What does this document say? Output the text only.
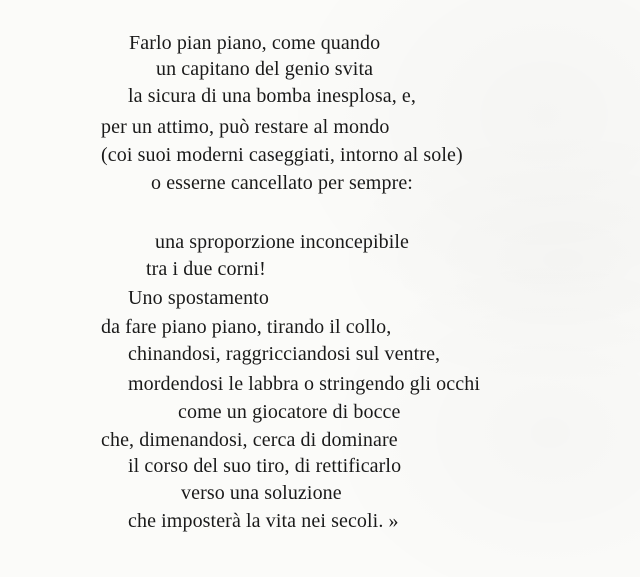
Farlo pian piano, come quando
un capitano del genio svita
la sicura di una bomba inesplosa, e,
per un attimo, può restare al mondo
(coi suoi moderni caseggiati, intorno al sole)
o esserne cancellato per sempre:
una sproporzione inconcepibile
tra i due corni!
Uno spostamento
da fare piano piano, tirando il collo,
chinandosi, raggricciandosi sul ventre,
mordendosi le labbra o stringendo gli occhi
come un giocatore di bocce
che, dimenandosi, cerca di dominare
il corso del suo tiro, di rettificarlo
verso una soluzione
che imposterà la vita nei secoli. »
